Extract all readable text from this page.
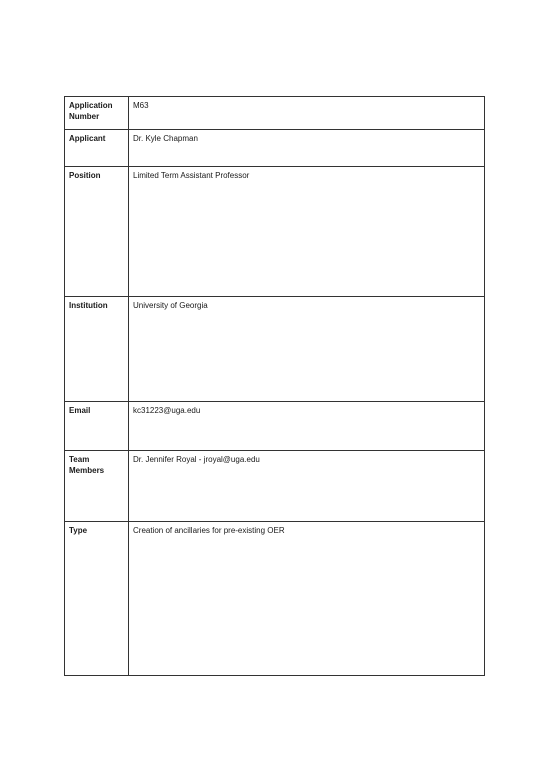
Application Number	M63
Applicant	Dr. Kyle Chapman
Position	Limited Term Assistant Professor
Institution	University of Georgia
Email	kc31223@uga.edu
Team Members	Dr. Jennifer Royal - jroyal@uga.edu
Type	Creation of ancillaries for pre-existing OER
